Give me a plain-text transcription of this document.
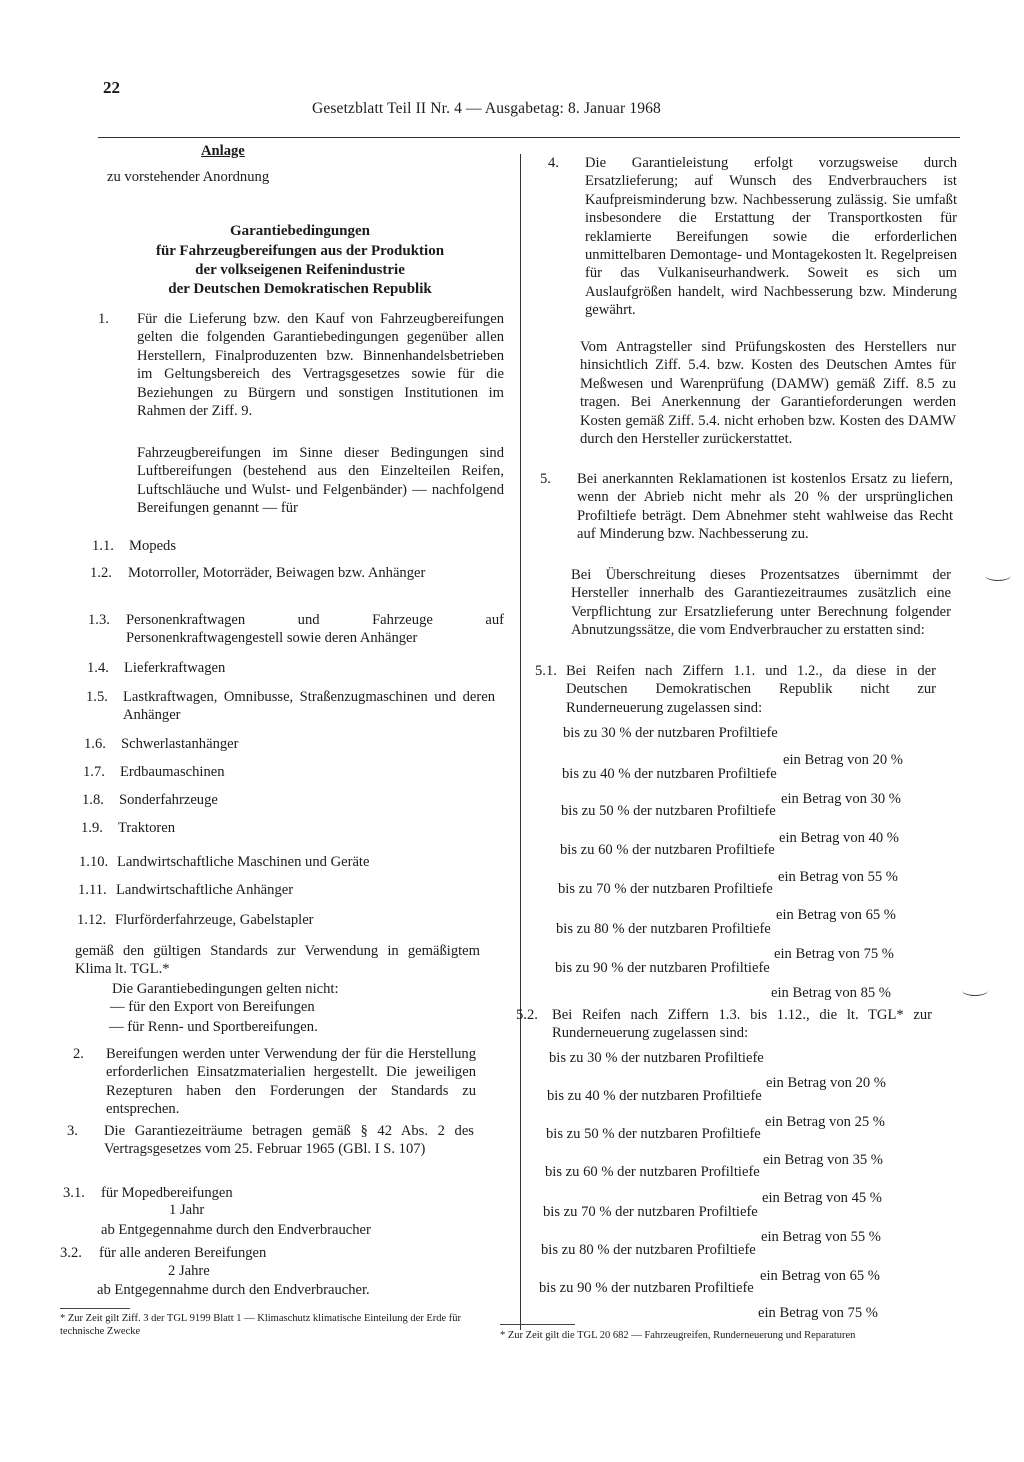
22
Gesetzblatt Teil II Nr. 4 — Ausgabetag: 8. Januar 1968
Anlage
zu vorstehender Anordnung
Garantiebedingungen
für Fahrzeugbereifungen aus der Produktion
der volkseigenen Reifenindustrie
der Deutschen Demokratischen Republik
1. Für die Lieferung bzw. den Kauf von Fahrzeugbereifungen gelten die folgenden Garantiebedingungen gegenüber allen Herstellern, Finalproduzenten bzw. Binnenhandelsbetrieben im Geltungsbereich des Vertragsgesetzes sowie für die Beziehungen zu Bürgern und sonstigen Institutionen im Rahmen der Ziff. 9.
Fahrzeugbereifungen im Sinne dieser Bedingungen sind Luftbereifungen (bestehend aus den Einzelteilen Reifen, Luftschläuche und Wulst- und Felgenbänder) — nachfolgend Bereifungen genannt — für
1.1. Mopeds
1.2. Motorroller, Motorräder, Beiwagen bzw. Anhänger
1.3. Personenkraftwagen und Fahrzeuge auf Personenkraftwagengestell sowie deren Anhänger
1.4. Lieferkraftwagen
1.5. Lastkraftwagen, Omnibusse, Straßenzugmaschinen und deren Anhänger
1.6. Schwerlastanhänger
1.7. Erdbaumaschinen
1.8. Sonderfahrzeuge
1.9. Traktoren
1.10. Landwirtschaftliche Maschinen und Geräte
1.11. Landwirtschaftliche Anhänger
1.12. Flurförderfahrzeuge, Gabelstapler
gemäß den gültigen Standards zur Verwendung in gemäßigtem Klima lt. TGL.*
Die Garantiebedingungen gelten nicht:
— für den Export von Bereifungen
— für Renn- und Sportbereifungen.
2. Bereifungen werden unter Verwendung der für die Herstellung erforderlichen Einsatzmaterialien hergestellt. Die jeweiligen Rezepturen haben den Forderungen der Standards zu entsprechen.
3. Die Garantiezeiträume betragen gemäß § 42 Abs. 2 des Vertragsgesetzes vom 25. Februar 1965 (GBl. I S. 107)
3.1. für Mopedbereifungen
1 Jahr
ab Entgegennahme durch den Endverbraucher
3.2. für alle anderen Bereifungen
2 Jahre
ab Entgegennahme durch den Endverbraucher.
* Zur Zeit gilt Ziff. 3 der TGL 9199 Blatt 1 — Klimaschutz klimatische Einteilung der Erde für technische Zwecke
4. Die Garantieleistung erfolgt vorzugsweise durch Ersatzlieferung; auf Wunsch des Endverbrauchers ist Kaufpreisminderung bzw. Nachbesserung zulässig. Sie umfaßt insbesondere die Erstattung der Transportkosten für reklamierte Bereifungen sowie die erforderlichen unmittelbaren Demontage- und Montagekosten lt. Regelpreisen für das Vulkaniseurhandwerk. Soweit es sich um Auslaufgrößen handelt, wird Nachbesserung bzw. Minderung gewährt.
Vom Antragsteller sind Prüfungskosten des Herstellers nur hinsichtlich Ziff. 5.4. bzw. Kosten des Deutschen Amtes für Meßwesen und Warenprüfung (DAMW) gemäß Ziff. 8.5 zu tragen. Bei Anerkennung der Garantieforderungen werden Kosten gemäß Ziff. 5.4. nicht erhoben bzw. Kosten des DAMW durch den Hersteller zurückerstattet.
5. Bei anerkannten Reklamationen ist kostenlos Ersatz zu liefern, wenn der Abrieb nicht mehr als 20 % der ursprünglichen Profiltiefe beträgt. Dem Abnehmer steht wahlweise das Recht auf Minderung bzw. Nachbesserung zu.
Bei Überschreitung dieses Prozentsatzes übernimmt der Hersteller innerhalb des Garantiezeitraumes zusätzlich eine Verpflichtung zur Ersatzlieferung unter Berechnung folgender Abnutzungssätze, die vom Endverbraucher zu erstatten sind:
5.1. Bei Reifen nach Ziffern 1.1. und 1.2., da diese in der Deutschen Demokratischen Republik nicht zur Runderneuerung zugelassen sind:
bis zu 30 % der nutzbaren Profiltiefe
ein Betrag von 20 %
bis zu 40 % der nutzbaren Profiltiefe
ein Betrag von 30 %
bis zu 50 % der nutzbaren Profiltiefe
ein Betrag von 40 %
bis zu 60 % der nutzbaren Profiltiefe
ein Betrag von 55 %
bis zu 70 % der nutzbaren Profiltiefe
ein Betrag von 65 %
bis zu 80 % der nutzbaren Profiltiefe
ein Betrag von 75 %
bis zu 90 % der nutzbaren Profiltiefe
ein Betrag von 85 %
5.2. Bei Reifen nach Ziffern 1.3. bis 1.12., die lt. TGL* zur Runderneuerung zugelassen sind:
bis zu 30 % der nutzbaren Profiltiefe
ein Betrag von 20 %
bis zu 40 % der nutzbaren Profiltiefe
ein Betrag von 25 %
bis zu 50 % der nutzbaren Profiltiefe
ein Betrag von 35 %
bis zu 60 % der nutzbaren Profiltiefe
ein Betrag von 45 %
bis zu 70 % der nutzbaren Profiltiefe
ein Betrag von 55 %
bis zu 80 % der nutzbaren Profiltiefe
ein Betrag von 65 %
bis zu 90 % der nutzbaren Profiltiefe
ein Betrag von 75 %
* Zur Zeit gilt die TGL 20 682 — Fahrzeugreifen, Runderneuerung und Reparaturen
